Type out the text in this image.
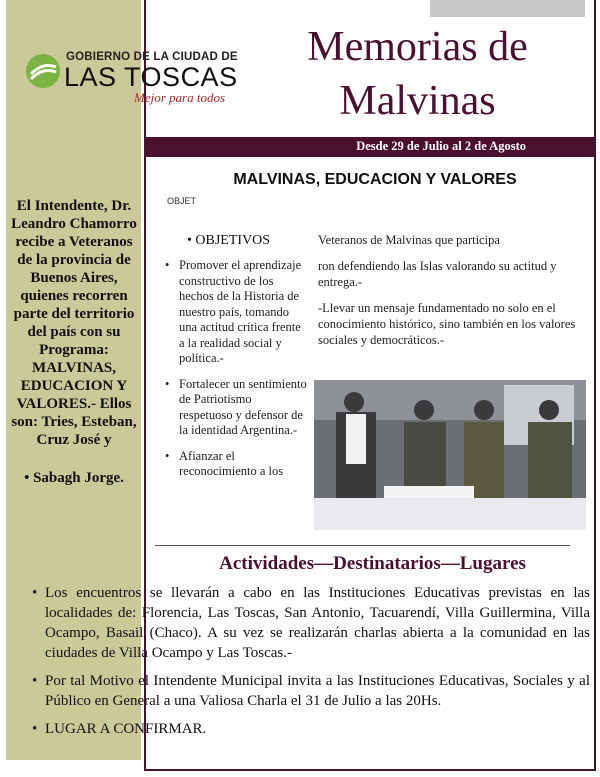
GOBIERNO DE LA CIUDAD DE
LAS TOSCAS
Mejor para todos
Memorias de
Malvinas
Desde 29 de Julio al 2 de Agosto
MALVINAS, EDUCACION Y VALORES
OBJET
El Intendente, Dr. Leandro Chamorro recibe a Veteranos de la provincia de Buenos Aires, quienes recorren parte del territorio del país con su Programa: MALVINAS, EDUCACION Y VALORES.- Ellos son: Tries, Esteban, Cruz José y
• Sabagh Jorge.
• OBJETIVOS
• Promover el aprendizaje constructivo de los hechos de la Historia de nuestro país, tomando una actitud crítica frente a la realidad social y política.-
• Fortalecer un sentimiento de Patriotismo respetuoso y defensor de la identidad Argentina.-
• Afianzar el reconocimiento a los

Veteranos de Malvinas que participa

ron defendiendo las Islas valorando su actitud y entrega.-

-Llevar un mensaje fundamentado no solo en el conocimiento histórico, sino también en los valores sociales y democráticos.-

Actividades—Destinatarios—Lugares
• Los encuentros se llevarán a cabo en las Instituciones Educativas previstas en las localidades de: Florencia, Las Toscas, San Antonio, Tacuarendí, Villa Guillermina, Villa Ocampo, Basail (Chaco). A su vez se realizarán charlas abierta a la comunidad en las ciudades de Villa Ocampo y Las Toscas.-
• Por tal Motivo el Intendente Municipal invita a las Instituciones Educativas, Sociales y al Público en General a una Valiosa Charla el 31 de Julio a las 20Hs.
• LUGAR A CONFIRMAR.
